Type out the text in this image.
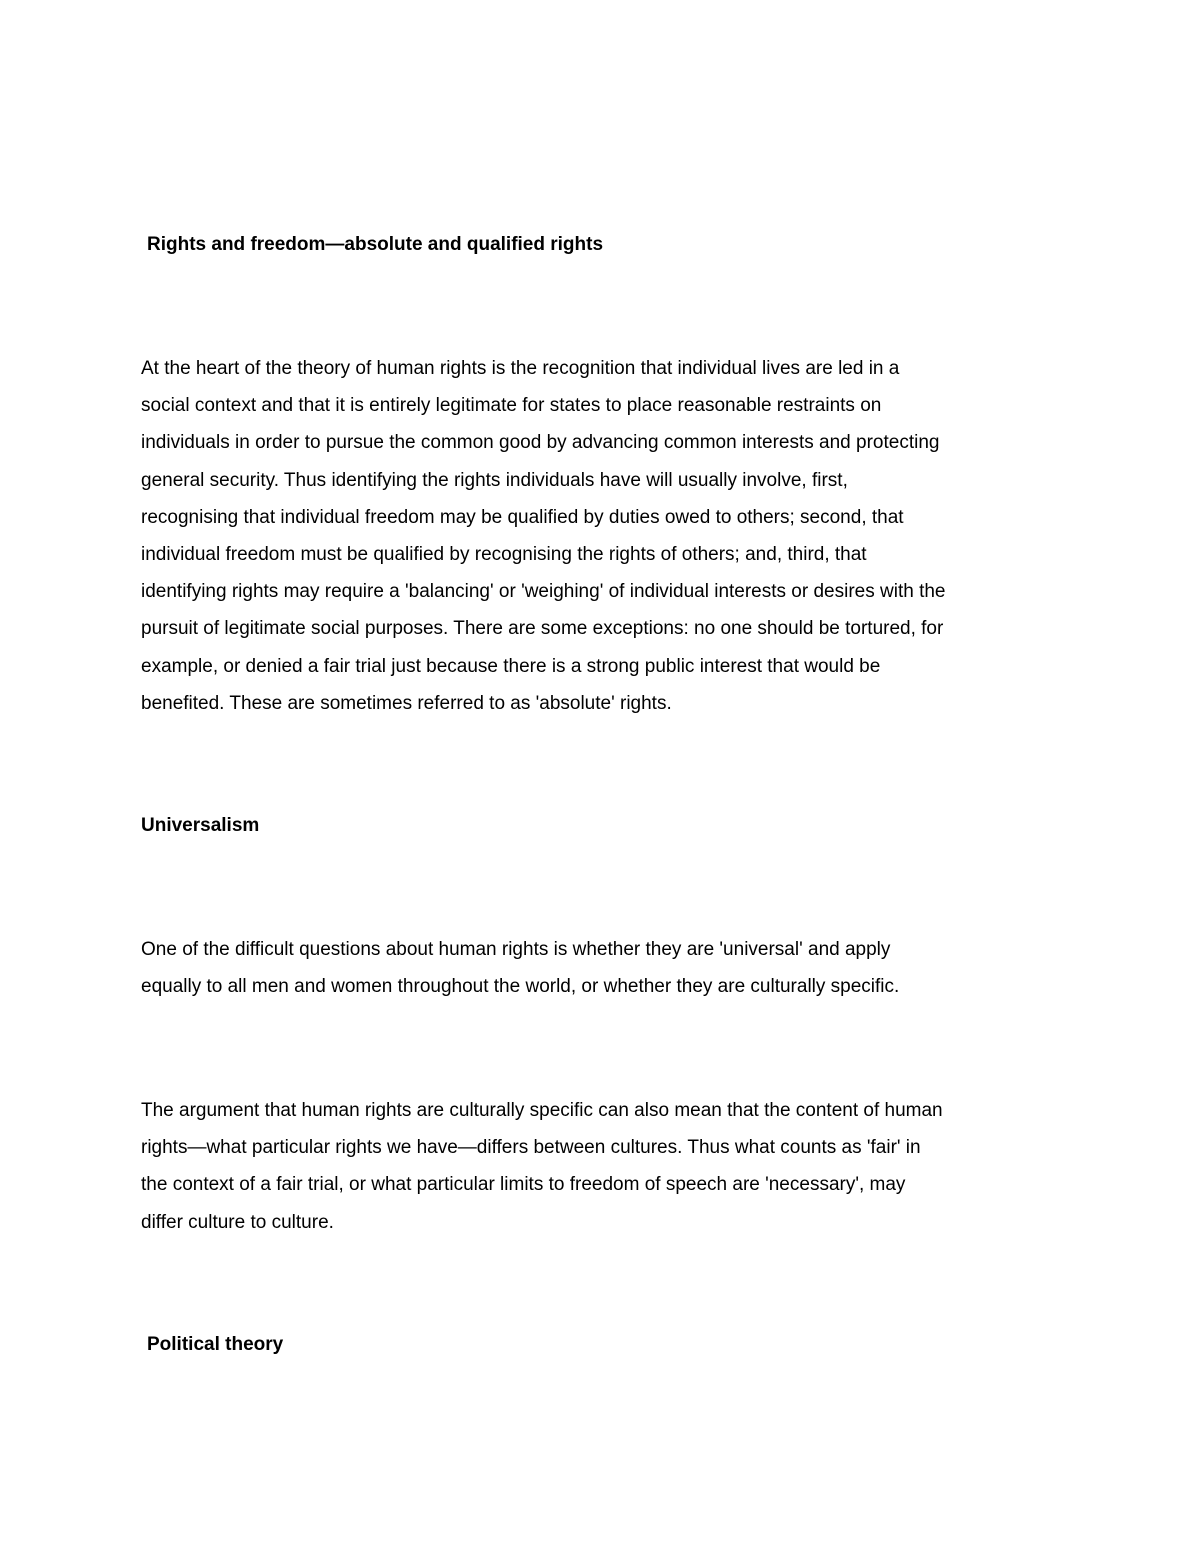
Rights and freedom—absolute and qualified rights
At the heart of the theory of human rights is the recognition that individual lives are led in a
social context and that it is entirely legitimate for states to place reasonable restraints on
individuals in order to pursue the common good by advancing common interests and protecting
general security. Thus identifying the rights individuals have will usually involve, first,
recognising that individual freedom may be qualified by duties owed to others; second, that
individual freedom must be qualified by recognising the rights of others; and, third, that
identifying rights may require a 'balancing' or 'weighing' of individual interests or desires with the
pursuit of legitimate social purposes. There are some exceptions: no one should be tortured, for
example, or denied a fair trial just because there is a strong public interest that would be
benefited. These are sometimes referred to as 'absolute' rights.
Universalism
One of the difficult questions about human rights is whether they are 'universal' and apply
equally to all men and women throughout the world, or whether they are culturally specific.
The argument that human rights are culturally specific can also mean that the content of human
rights—what particular rights we have—differs between cultures. Thus what counts as 'fair' in
the context of a fair trial, or what particular limits to freedom of speech are 'necessary', may
differ culture to culture.
Political theory
